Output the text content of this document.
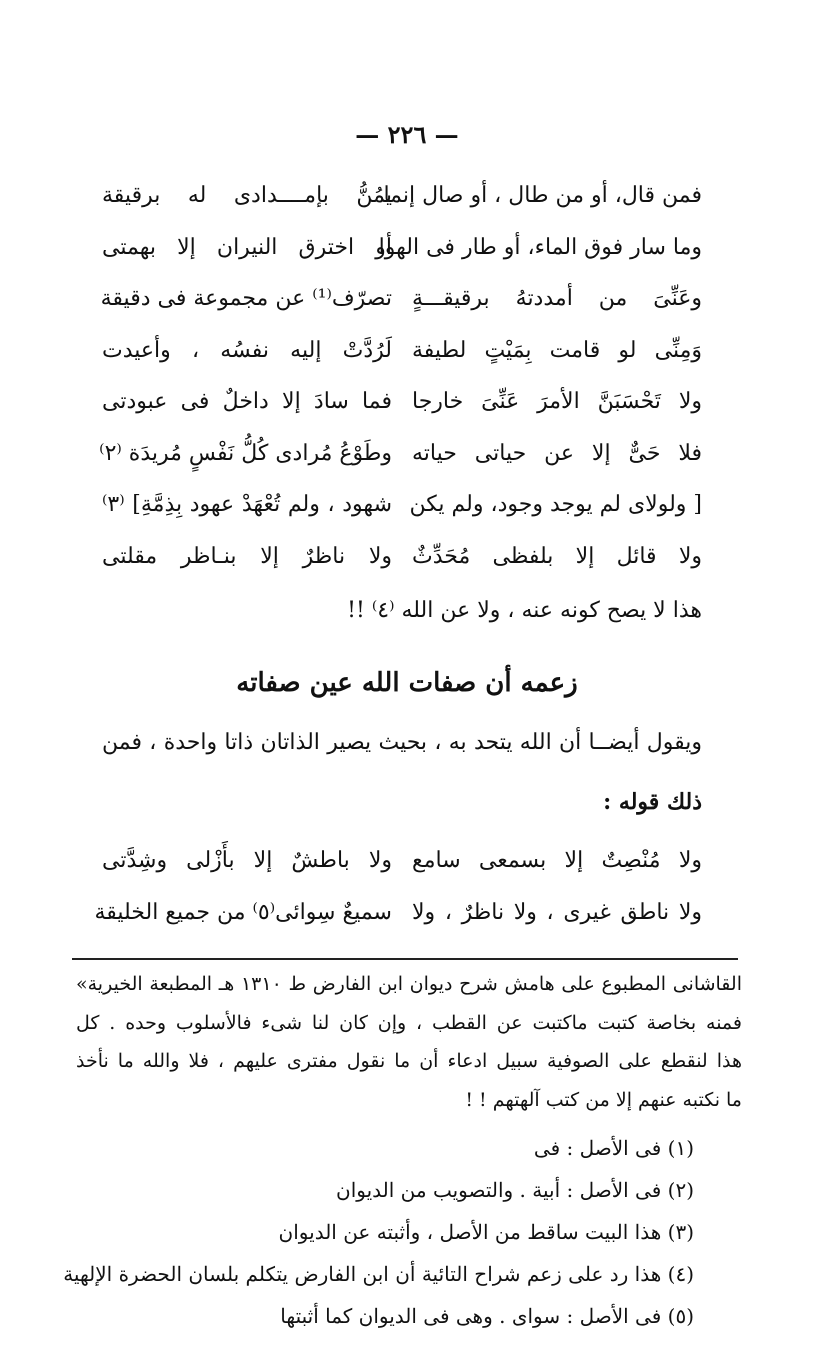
— ٢٢٦ —
فمن قال، أو من طال ، أو صال إنما
يمُنُّ بإمــــدادى له برقيقة
وما سار فوق الماء، أو طار فى الهوا
أو اخترق النيران إلا بهمتى
وعَنِّىَ من أمددتهُ برقيقـــةٍ
تصرّف⁽¹⁾ عن مجموعة فى دقيقة
وَمِنِّى لو قامت بِمَيْتٍ لطيفة
لَرُدَّتْ إليه نفسُه ، وأعيدت
ولا تَحْسَبَنَّ الأمرَ عَنِّىَ خارجا
فما سادَ إلا داخلٌ فى عبودتى
فلا حَىٌّ إلا عن حياتى حياته
وطَوْعُ مُرادى كُلُّ نَفْسٍ مُريدَة ⁽٢⁾
[ ولولاى لم يوجد وجود، ولم يكن
شهود ، ولم تُعْهَدْ عهود بِذِمَّةِ] ⁽٣⁾
ولا قائل إلا بلفظى مُحَدِّثٌ
ولا ناظرٌ إلا بنـاظر مقلتى
هذا لا يصح كونه عنه ، ولا عن الله ⁽٤⁾ !!
زعمه أن صفات الله عين صفاته
ويقول أيضــا أن الله يتحد به ، بحيث يصير الذاتان ذاتا واحدة ، فمن
ذلك قوله :
ولا مُنْصِتٌ إلا بسمعى سامع
ولا باطشٌ إلا بأَزْلى وشِدَّتى
ولا ناطق غيرى ، ولا ناظرٌ ، ولا
سميعٌ سِوائى⁽٥⁾ من جميع الخليقة
القاشانى المطبوع على هامش شرح ديوان ابن الفارض ط ١٣١٠ هـ المطبعة الخيرية»
فمنه بخاصة كتبت ماكتبت عن القطب ، وإن كان لنا شىء فالأسلوب وحده . كل
هذا لنقطع على الصوفية سبيل ادعاء أن ما نقول مفترى عليهم ، فلا والله ما نأخذ
ما نكتبه عنهم إلا من كتب آلهتهم ! !
(١) فى الأصل : فى
(٢) فى الأصل : أبية . والتصويب من الديوان
(٣) هذا البيت ساقط من الأصل ، وأثبته عن الديوان
(٤) هذا رد على زعم شراح التائية أن ابن الفارض يتكلم بلسان الحضرة الإلهية
(٥) فى الأصل : سواى . وهى فى الديوان كما أثبتها
